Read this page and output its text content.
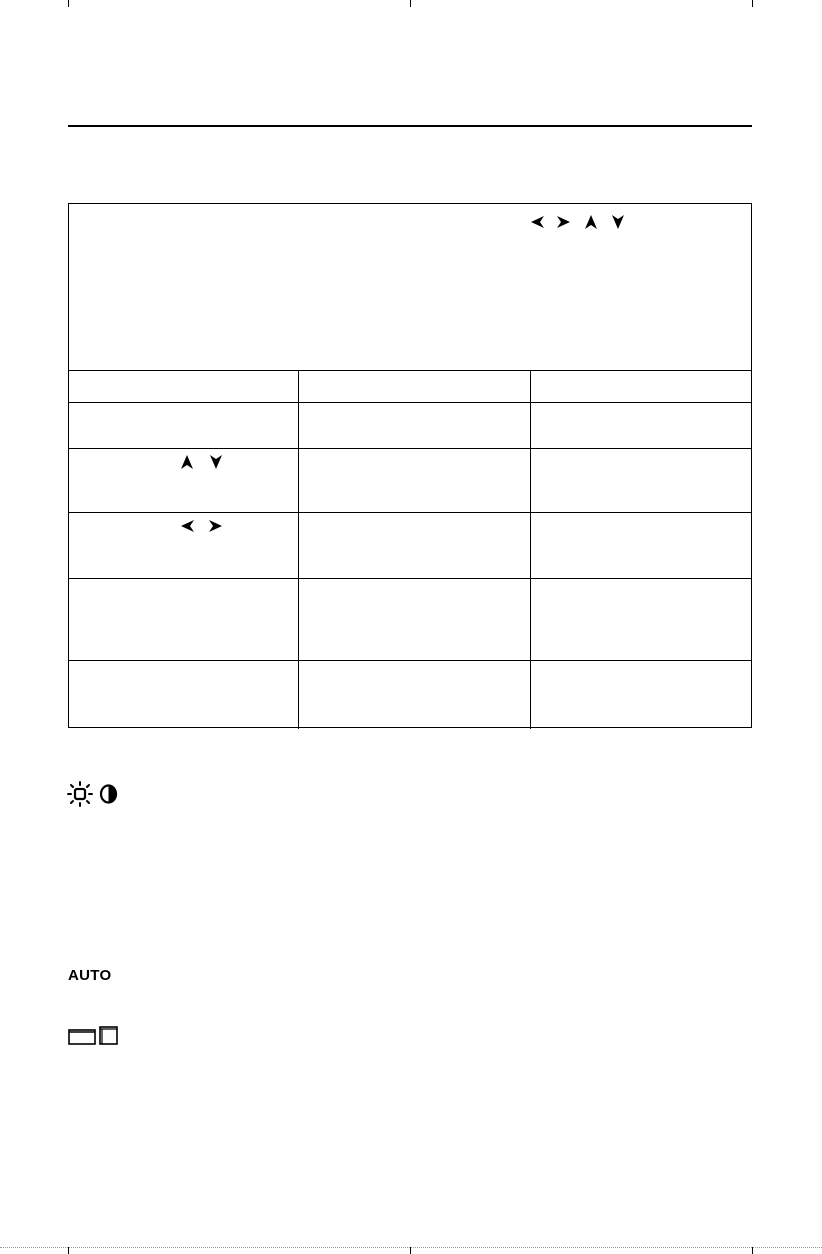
AUTO
